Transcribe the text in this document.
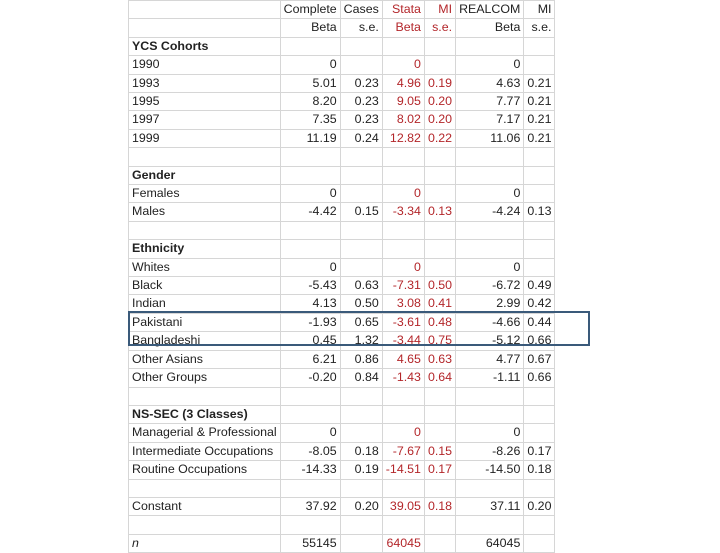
	Complete	Cases	Stata	MI	REALCOM	MI
	Beta	s.e.	Beta	s.e.	Beta	s.e.
YCS Cohorts						
1990	0		0		0	
1993	5.01	0.23	4.96	0.19	4.63	0.21
1995	8.20	0.23	9.05	0.20	7.77	0.21
1997	7.35	0.23	8.02	0.20	7.17	0.21
1999	11.19	0.24	12.82	0.22	11.06	0.21

Gender						
Females	0		0		0	
Males	-4.42	0.15	-3.34	0.13	-4.24	0.13

Ethnicity						
Whites	0		0		0	
Black	-5.43	0.63	-7.31	0.50	-6.72	0.49
Indian	4.13	0.50	3.08	0.41	2.99	0.42
Pakistani	-1.93	0.65	-3.61	0.48	-4.66	0.44
Bangladeshi	0.45	1.32	-3.44	0.75	-5.12	0.66
Other Asians	6.21	0.86	4.65	0.63	4.77	0.67
Other Groups	-0.20	0.84	-1.43	0.64	-1.11	0.66

NS-SEC (3 Classes)						
Managerial & Professional	0		0		0	
Intermediate Occupations	-8.05	0.18	-7.67	0.15	-8.26	0.17
Routine Occupations	-14.33	0.19	-14.51	0.17	-14.50	0.18

Constant	37.92	0.20	39.05	0.18	37.11	0.20

n	55145		64045		64045	
